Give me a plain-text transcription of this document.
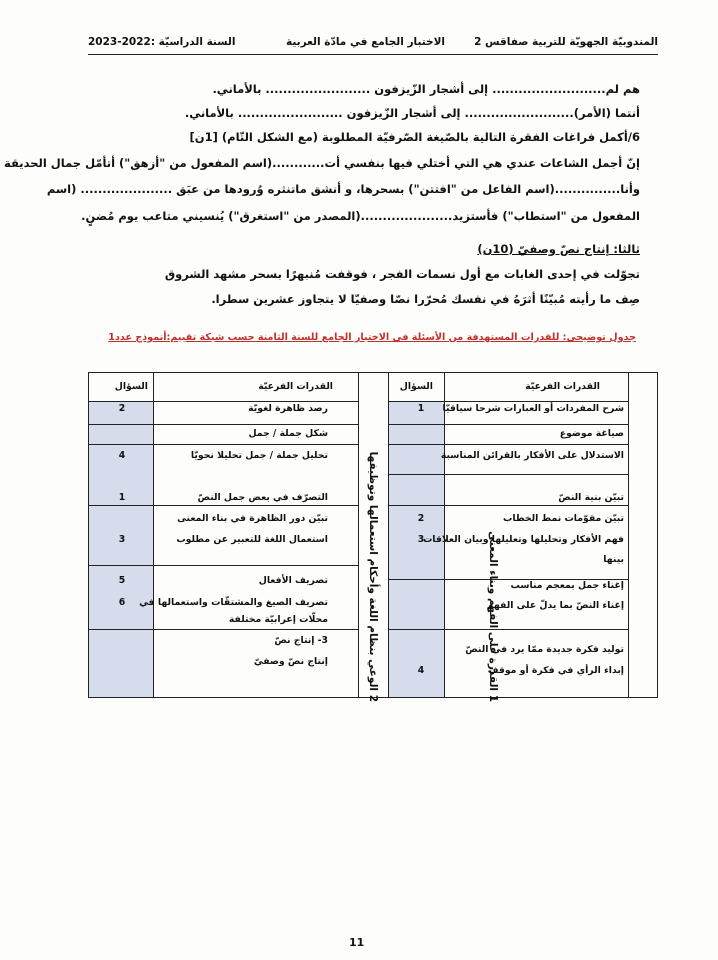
المندوبيّة الجهويّة للتربية صفاقس 2
الاختبار الجامع في مادّة العربية
السنة الدراسيّة :2022-2023
هم لم.......................... إلى أشجار الزّيزفون ........................ بالأماني.
أنتما (الأمر)......................... إلى أشجار الزّيزفون ........................ بالأماني.
6/أكمل فراغات الفقرة التالية بالصّيغة الصّرفيّة المطلوبة (مع الشكل التّام) [1ن]
إنّ أجمل الشاعات عندي هي التي أختلي فيها بنفسي أت............(اسم المفعول من "أزهق") أتأمّل جمال الحديقة
وأنا...............(اسم الفاعل من "افتتن") بسحرها، و أنشق ماتنثره وُرودها من عبَق ..................... (اسم
المفعول من "استطاب") فأستزيد.....................(المصدر من "استغرق") يُنسيني متاعب يوم مُضنٍ.
ثالثا: إنتاج نصّ وصفيّ (10ن)
تجوّلت في إحدى الغابات مع أول نسمات الفجر ، فوقفت مُنبهرًا بسحر مشهد الشروق
صِف ما رأيته مُبيّنًا أثرَهُ في نفسك مُحرّرا نصّا وصفيّا لا يتجاوز عشرين سطرا.
جدول توضيحي: للقدرات المستهدفة من الأسئلة في الاختبار الجامع للسنة الثامنة حسب شبكة تقييم:أنموذج عدد1
القدرات الفرعيّة
السؤال
القدرات الفرعيّة
السؤال
شرح المفردات أو العبارات شرحا سياقيّا
صياغة موضوع
الاستدلال على الأفكار بالقرائن المناسبة
تبيّن بنية النصّ
تبيّن مقوّمات نمط الخطاب
فهم الأفكار وتحليلها وتعليلها وبيان العلاقات
بينها
إغناء جمل بمعجم مناسب
إغناء النصّ بما يدلّ على الفهم
توليد فكرة جديدة ممّا يرد في النصّ
إبداء الرأي في فكرة أو موقف
1
2
3
4
رصد ظاهرة لغويّة
شكل جملة / جمل
تحليل جملة / جمل تحليلا نحويّا
التصرّف في بعض جمل النصّ
تبيّن دور الظاهرة في بناء المعنى
استعمال اللغة للتعبير عن مطلوب
تصريف الأفعال
تصريف الصيغ والمشتقّات واستعمالها في
محلّات إعرابيّة مختلفة
3- إنتاج نصّ
إنتاج نصّ وصفيّ
2
4
1
3
5
6	1 القدرة على الفهم وبناء المعنى
2 الوعي بنظام اللغة وأحكام استعمالها وتوظيفها
11
